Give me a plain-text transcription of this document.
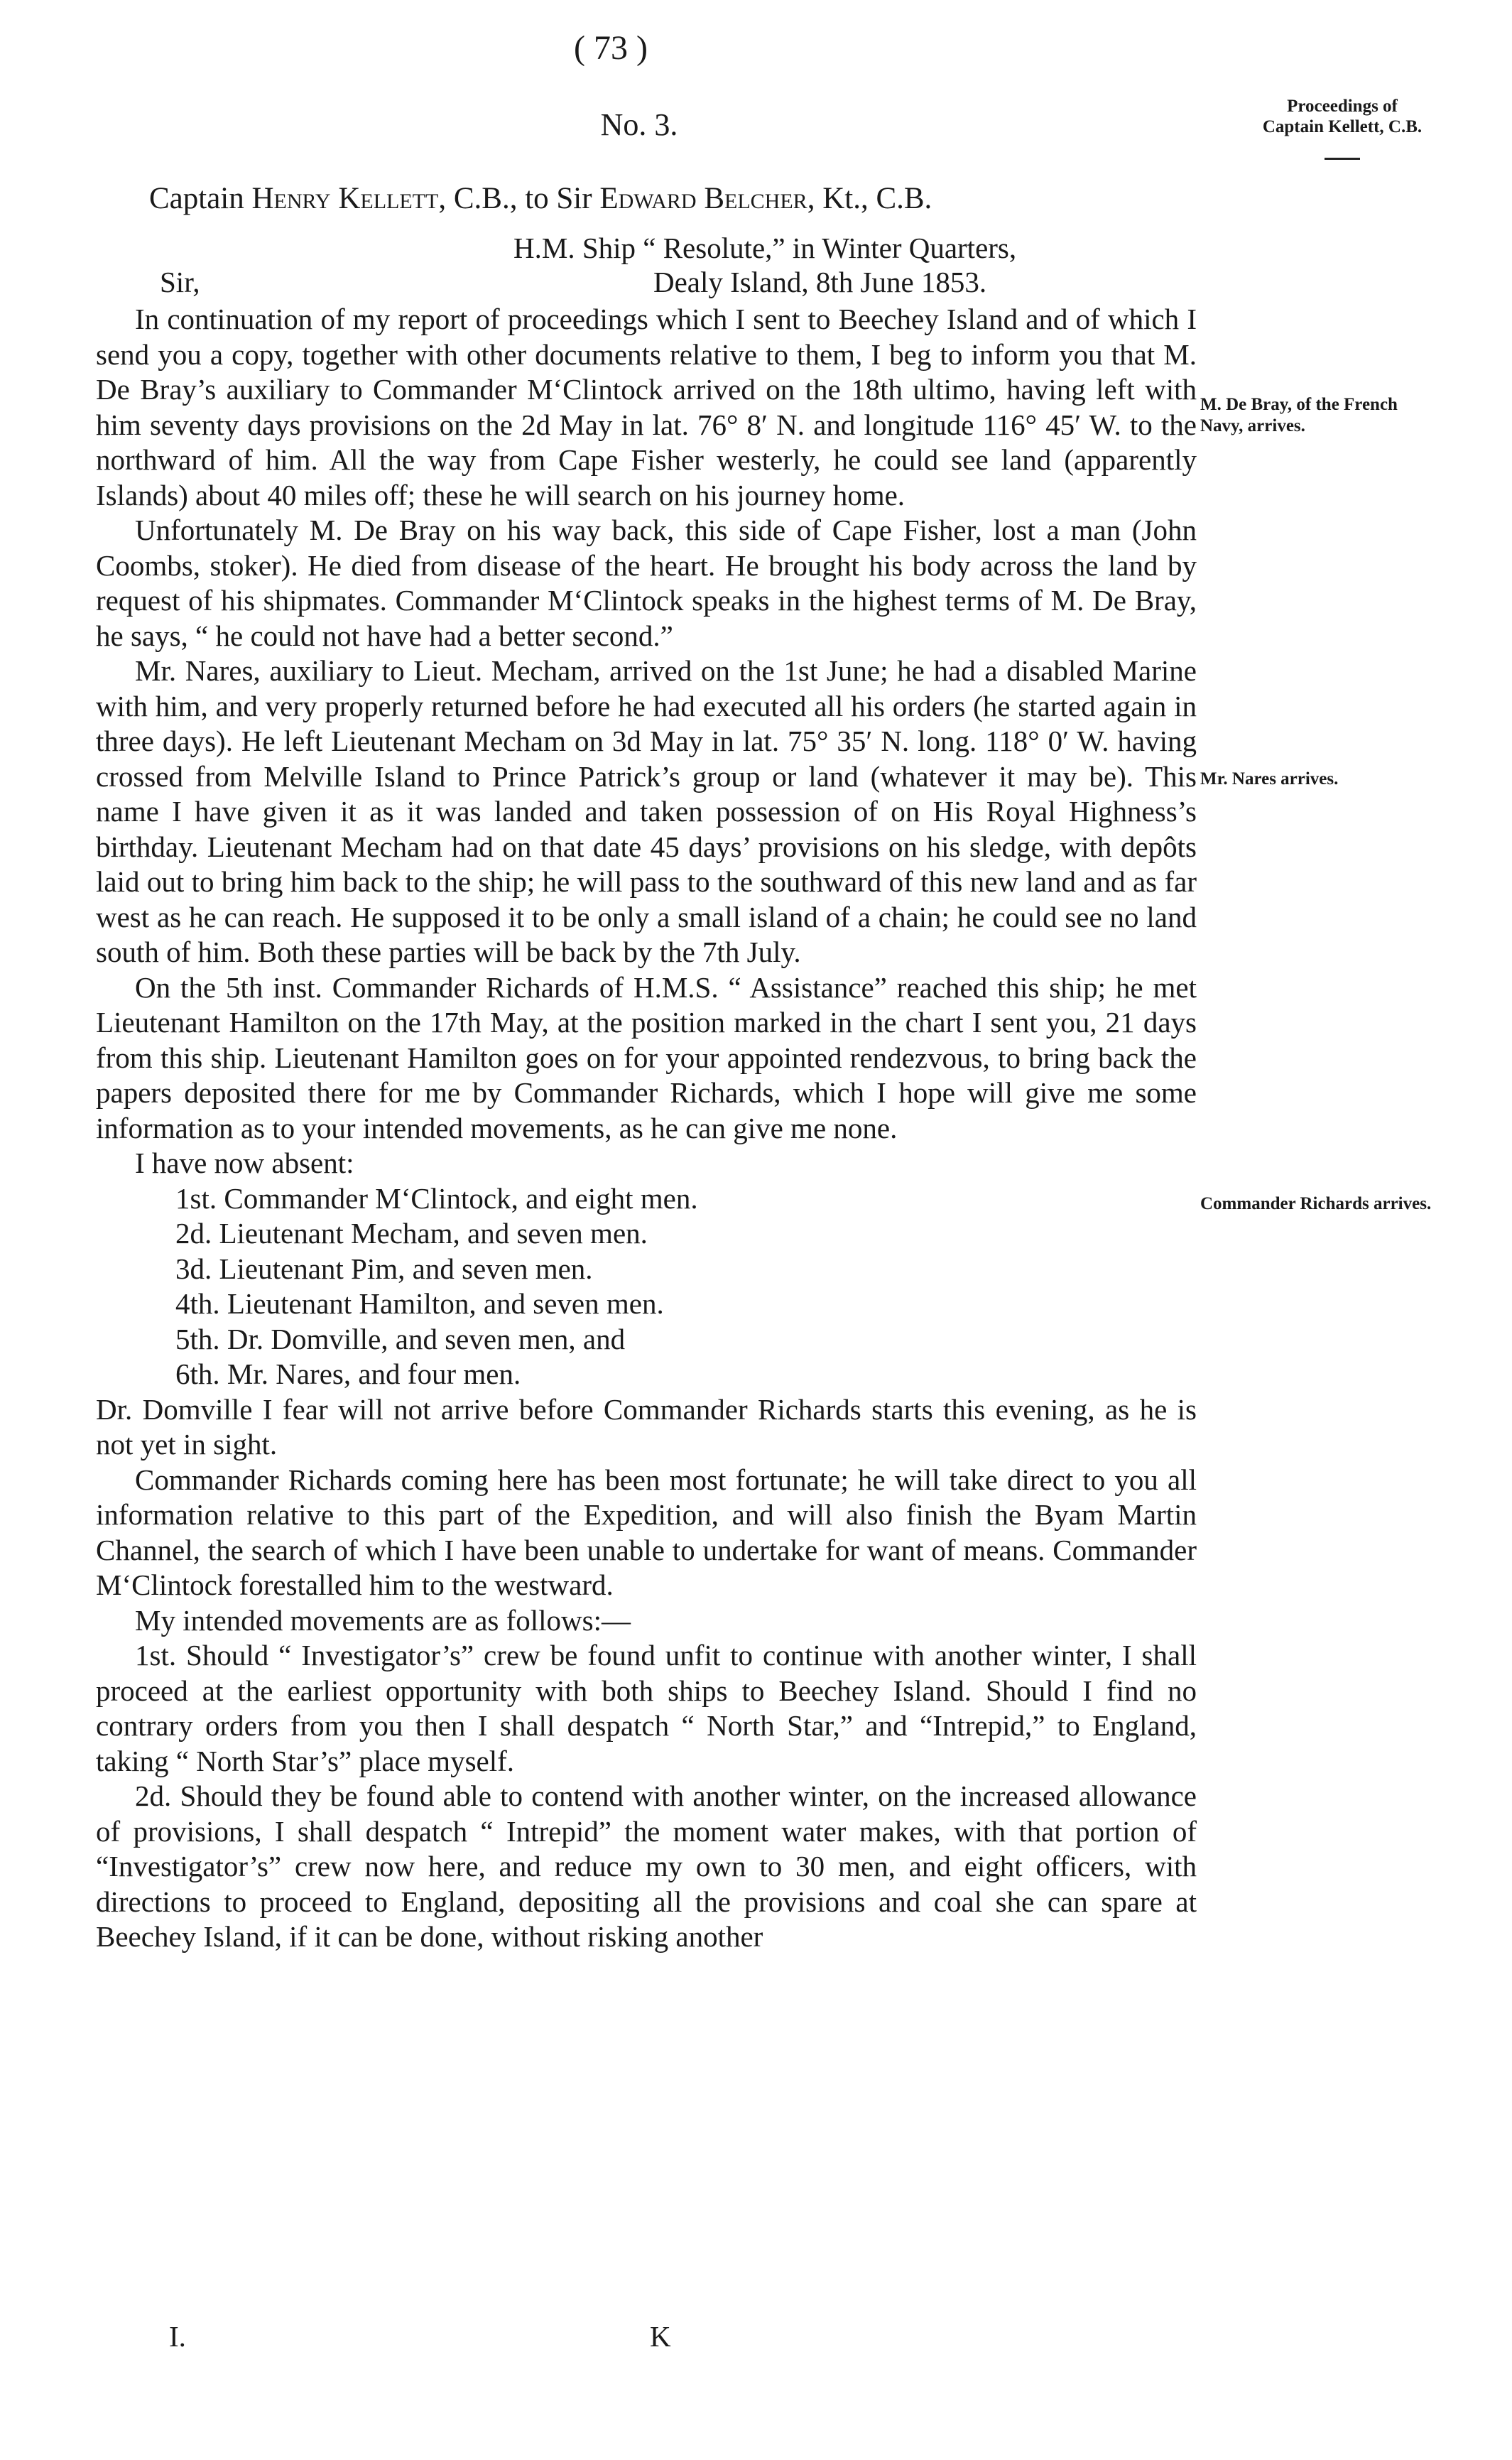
( 73 )
No. 3.
Proceedings of
Captain Kellett, C.B.
Captain Henry Kellett, C.B., to Sir Edward Belcher, Kt., C.B.
H.M. Ship “ Resolute,” in Winter Quarters,
Sir,	Dealy Island, 8th June 1853.

In continuation of my report of proceedings which I sent to Beechey Island and of which I send you a copy, together with other documents relative to them, I beg to inform you that M. De Bray’s auxiliary to Commander M‘Clintock arrived on the 18th ultimo, having left with him seventy days provisions on the 2d May in lat. 76° 8′ N. and longitude 116° 45′ W. to the northward of him. All the way from Cape Fisher westerly, he could see land (apparently Islands) about 40 miles off; these he will search on his journey home.

Unfortunately M. De Bray on his way back, this side of Cape Fisher, lost a man (John Coombs, stoker). He died from disease of the heart. He brought his body across the land by request of his shipmates. Commander M‘Clintock speaks in the highest terms of M. De Bray, he says, “ he could not have had a better second.”

Mr. Nares, auxiliary to Lieut. Mecham, arrived on the 1st June; he had a disabled Marine with him, and very properly returned before he had executed all his orders (he started again in three days). He left Lieutenant Mecham on 3d May in lat. 75° 35′ N. long. 118° 0′ W. having crossed from Melville Island to Prince Patrick’s group or land (whatever it may be). This name I have given it as it was landed and taken possession of on His Royal Highness’s birthday. Lieutenant Mecham had on that date 45 days’ provisions on his sledge, with depôts laid out to bring him back to the ship; he will pass to the southward of this new land and as far west as he can reach. He supposed it to be only a small island of a chain; he could see no land south of him. Both these parties will be back by the 7th July.

On the 5th inst. Commander Richards of H.M.S. “ Assistance” reached this ship; he met Lieutenant Hamilton on the 17th May, at the position marked in the chart I sent you, 21 days from this ship. Lieutenant Hamilton goes on for your appointed rendezvous, to bring back the papers deposited there for me by Commander Richards, which I hope will give me some information as to your intended movements, as he can give me none.

I have now absent:

1st. Commander M‘Clintock, and eight men.
2d. Lieutenant Mecham, and seven men.
3d. Lieutenant Pim, and seven men.
4th. Lieutenant Hamilton, and seven men.
5th. Dr. Domville, and seven men, and
6th. Mr. Nares, and four men.

Dr. Domville I fear will not arrive before Commander Richards starts this evening, as he is not yet in sight.

Commander Richards coming here has been most fortunate; he will take direct to you all information relative to this part of the Expedition, and will also finish the Byam Martin Channel, the search of which I have been unable to undertake for want of means. Commander M‘Clintock forestalled him to the westward.

My intended movements are as follows:—

1st. Should “ Investigator’s” crew be found unfit to continue with another winter, I shall proceed at the earliest opportunity with both ships to Beechey Island. Should I find no contrary orders from you then I shall despatch “ North Star,” and “Intrepid,” to England, taking “ North Star’s” place myself.

2d. Should they be found able to contend with another winter, on the increased allowance of provisions, I shall despatch “ Intrepid” the moment water makes, with that portion of “Investigator’s” crew now here, and reduce my own to 30 men, and eight officers, with directions to proceed to England, depositing all the provisions and coal she can spare at Beechey Island, if it can be done, without risking another

M. De Bray, of the French
Navy, arrives.
Mr. Nares arrives.
Commander Richards arrives.
I.	K
